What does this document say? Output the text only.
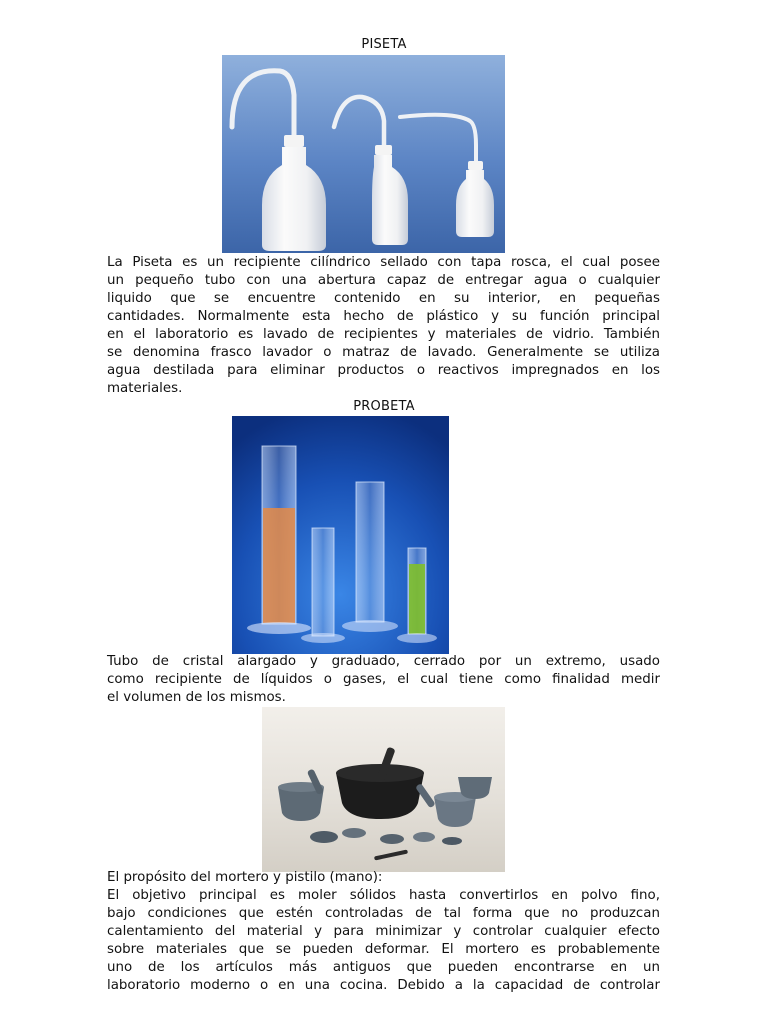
PISETA

La Piseta es un recipiente cilíndrico sellado con tapa rosca, el cual posee
un pequeño tubo con una abertura capaz de entregar agua o cualquier
liquido que se encuentre contenido en su interior, en pequeñas
cantidades. Normalmente esta hecho de plástico y su función principal
en el laboratorio es lavado de recipientes y materiales de vidrio. También
se denomina frasco lavador o matraz de lavado. Generalmente se utiliza
agua destilada para eliminar productos o reactivos impregnados en los
materiales.

PROBETA

Tubo de cristal alargado y graduado, cerrado por un extremo, usado
como recipiente de líquidos o gases, el cual tiene como finalidad medir
el volumen de los mismos.

El propósito del mortero y pistilo (mano):
El objetivo principal es moler sólidos hasta convertirlos en polvo fino,
bajo condiciones que estén controladas de tal forma que no produzcan
calentamiento del material y para minimizar y controlar cualquier efecto
sobre materiales que se pueden deformar. El mortero es probablemente
uno de los artículos más antiguos que pueden encontrarse en un
laboratorio moderno o en una cocina. Debido a la capacidad de controlar
